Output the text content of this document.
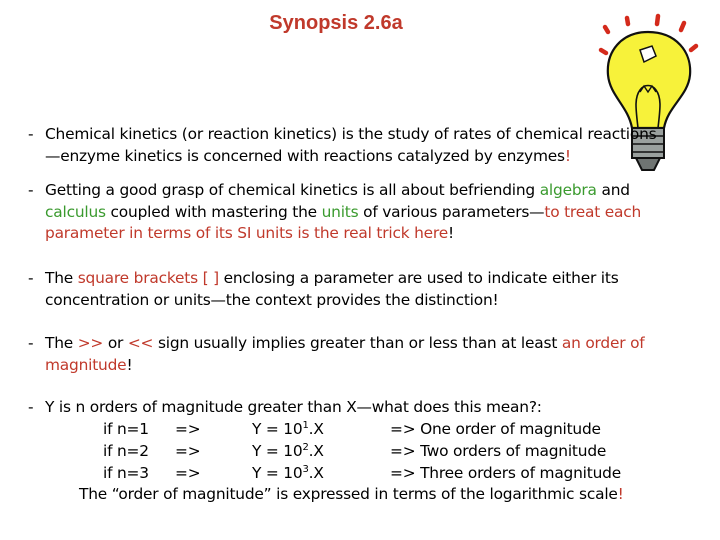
Synopsis 2.6a
- Chemical kinetics (or reaction kinetics) is the study of rates of chemical reactions
—enzyme kinetics is concerned with reactions catalyzed by enzymes!
- Getting a good grasp of chemical kinetics is all about befriending algebra and
calculus coupled with mastering the units of various parameters—to treat each
parameter in terms of its SI units is the real trick here!
- The square brackets [ ] enclosing a parameter are used to indicate either its
concentration or units—the context provides the distinction!
- The >> or << sign usually implies greater than or less than at least an order of
magnitude!
- Y is n orders of magnitude greater than X—what does this mean?:
if n=1 =>	$Y = 10^1.X$	=> One order of magnitude
if n=2 =>	$Y = 10^2.X$	=> Two orders of magnitude
if n=3 =>	$Y = 10^3.X$	=> Three orders of magnitude
The “order of magnitude” is expressed in terms of the logarithmic scale!
